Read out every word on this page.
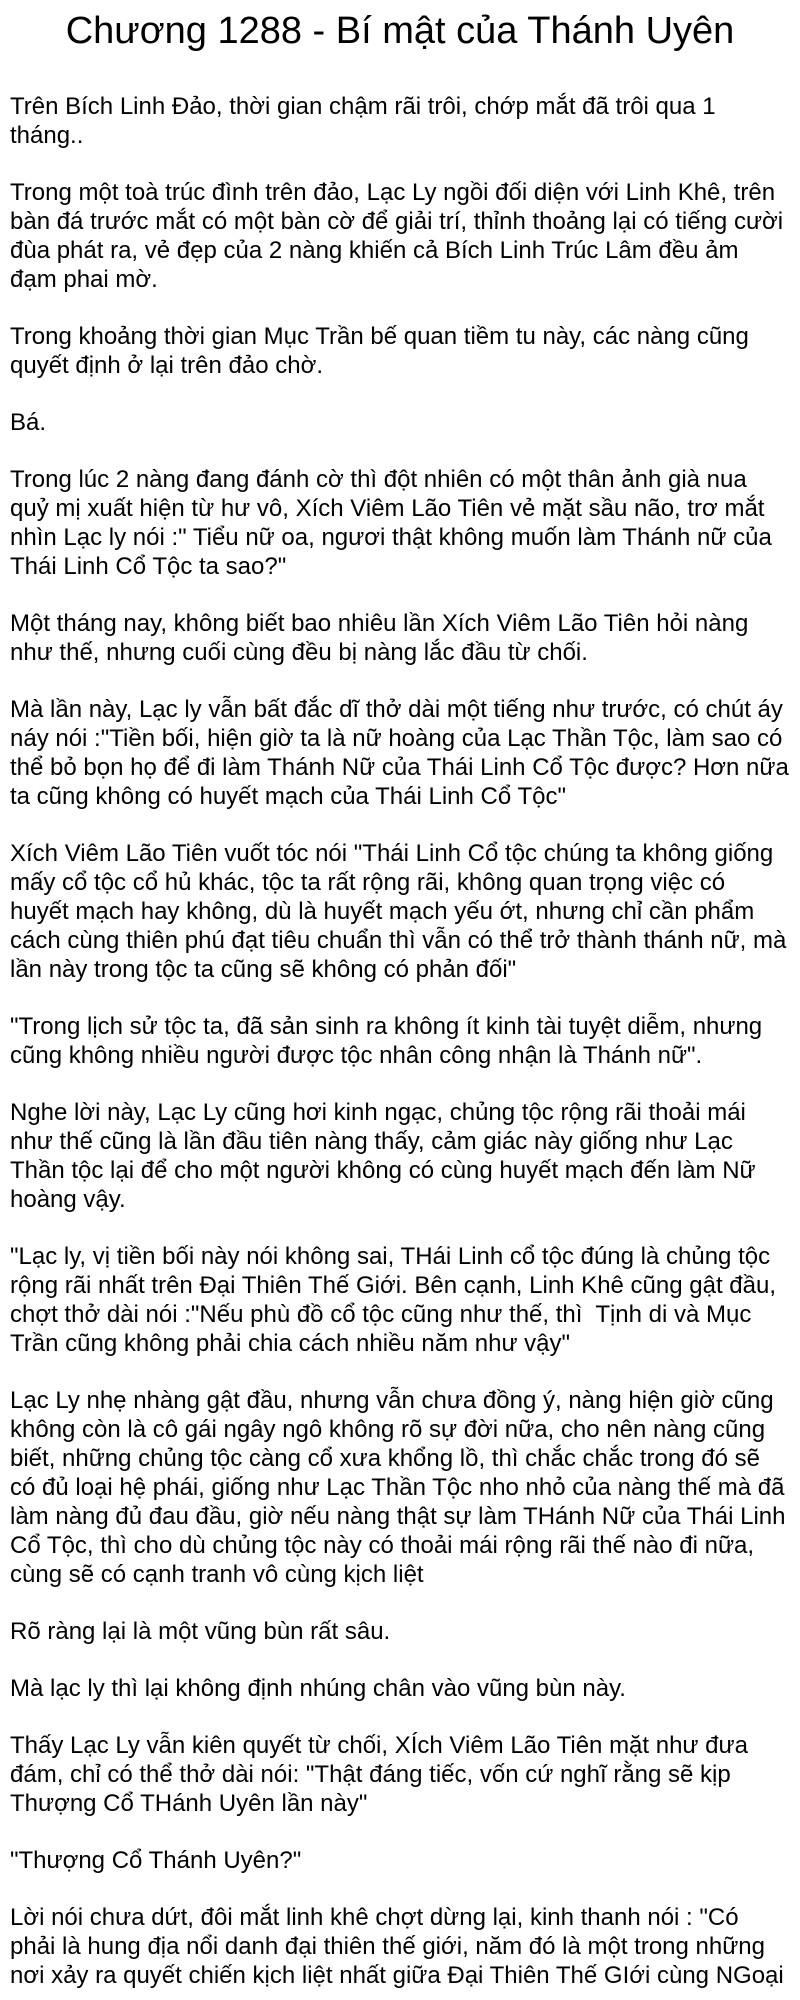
Chương 1288 - Bí mật của Thánh Uyên

Trên Bích Linh Đảo, thời gian chậm rãi trôi, chớp mắt đã trôi qua 1 tháng..

Trong một toà trúc đình trên đảo, Lạc Ly ngồi đối diện với Linh Khê, trên bàn đá trước mắt có một bàn cờ để giải trí, thỉnh thoảng lại có tiếng cười đùa phát ra, vẻ đẹp của 2 nàng khiến cả Bích Linh Trúc Lâm đều ảm đạm phai mờ.

Trong khoảng thời gian Mục Trần bế quan tiềm tu này, các nàng cũng quyết định ở lại trên đảo chờ.

Bá.

Trong lúc 2 nàng đang đánh cờ thì đột nhiên có một thân ảnh già nua quỷ mị xuất hiện từ hư vô, Xích Viêm Lão Tiên vẻ mặt sầu não, trơ mắt nhìn Lạc ly nói :" Tiểu nữ oa, ngươi thật không muốn làm Thánh nữ của Thái Linh Cổ Tộc ta sao?"

Một tháng nay, không biết bao nhiêu lần Xích Viêm Lão Tiên hỏi nàng như thế, nhưng cuối cùng đều bị nàng lắc đầu từ chối.

Mà lần này, Lạc ly vẫn bất đắc dĩ thở dài một tiếng như trước, có chút áy náy nói :"Tiền bối, hiện giờ ta là nữ hoàng của Lạc Thần Tộc, làm sao có thể bỏ bọn họ để đi làm Thánh Nữ của Thái Linh Cổ Tộc được? Hơn nữa ta cũng không có huyết mạch của Thái Linh Cổ Tộc"

Xích Viêm Lão Tiên vuốt tóc nói "Thái Linh Cổ tộc chúng ta không giống mấy cổ tộc cổ hủ khác, tộc ta rất rộng rãi, không quan trọng việc có huyết mạch hay không, dù là huyết mạch yếu ớt, nhưng chỉ cần phẩm cách cùng thiên phú đạt tiêu chuẩn thì vẫn có thể trở thành thánh nữ, mà lần này trong tộc ta cũng sẽ không có phản đối"

"Trong lịch sử tộc ta, đã sản sinh ra không ít kinh tài tuyệt diễm, nhưng cũng không nhiều người được tộc nhân công nhận là Thánh nữ".

Nghe lời này, Lạc Ly cũng hơi kinh ngạc, chủng tộc rộng rãi thoải mái như thế cũng là lần đầu tiên nàng thấy, cảm giác này giống như Lạc Thần tộc lại để cho một người không có cùng huyết mạch đến làm Nữ hoàng vậy.

"Lạc ly, vị tiền bối này nói không sai, THái Linh cổ tộc đúng là chủng tộc rộng rãi nhất trên Đại Thiên Thế Giới. Bên cạnh, Linh Khê cũng gật đầu, chợt thở dài nói :"Nếu phù đồ cổ tộc cũng như thế, thì  Tịnh di và Mục Trần cũng không phải chia cách nhiều năm như vậy"

Lạc Ly nhẹ nhàng gật đầu, nhưng vẫn chưa đồng ý, nàng hiện giờ cũng không còn là cô gái ngây ngô không rõ sự đời nữa, cho nên nàng cũng biết, những chủng tộc càng cổ xưa khổng lồ, thì chắc chắc trong đó sẽ có đủ loại hệ phái, giống như Lạc Thần Tộc nho nhỏ của nàng thế mà đã làm nàng đủ đau đầu, giờ nếu nàng thật sự làm THánh Nữ của Thái Linh Cổ Tộc, thì cho dù chủng tộc này có thoải mái rộng rãi thế nào đi nữa, cùng sẽ có cạnh tranh vô cùng kịch liệt

Rõ ràng lại là một vũng bùn rất sâu.

Mà lạc ly thì lại không định nhúng chân vào vũng bùn này.

Thấy Lạc Ly vẫn kiên quyết từ chối, XÍch Viêm Lão Tiên mặt như đưa đám, chỉ có thể thở dài nói: "Thật đáng tiếc, vốn cứ nghĩ rằng sẽ kịp Thượng Cổ THánh Uyên lần này"

"Thượng Cổ Thánh Uyên?"

Lời nói chưa dứt, đôi mắt linh khê chợt dừng lại, kinh thanh nói : "Có phải là hung địa nổi danh đại thiên thế giới, năm đó là một trong những nơi xảy ra quyết chiến kịch liệt nhất giữa Đại Thiên Thế GIới cùng NGoại
